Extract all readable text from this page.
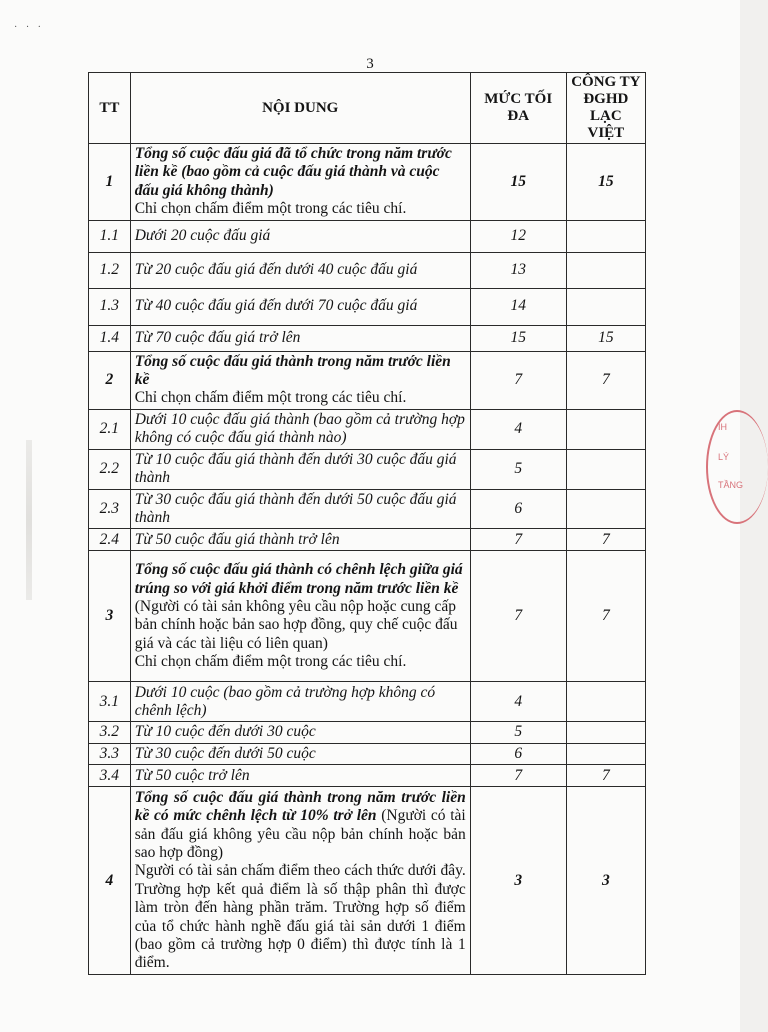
· · ·
3
TT	NỘI DUNG	MỨC TỐI ĐA	CÔNG TY ĐGHD LẠC VIỆT
1	Tổng số cuộc đấu giá đã tổ chức trong năm trước liền kề (bao gồm cả cuộc đấu giá thành và cuộc đấu giá không thành)
Chỉ chọn chấm điểm một trong các tiêu chí.	15	15
1.1	Dưới 20 cuộc đấu giá	12	
1.2	Từ 20 cuộc đấu giá đến dưới 40 cuộc đấu giá	13	
1.3	Từ 40 cuộc đấu giá đến dưới 70 cuộc đấu giá	14	
1.4	Từ 70 cuộc đấu giá trở lên	15	15
2	Tổng số cuộc đấu giá thành trong năm trước liền kề
Chỉ chọn chấm điểm một trong các tiêu chí.	7	7
2.1	Dưới 10 cuộc đấu giá thành (bao gồm cả trường hợp không có cuộc đấu giá thành nào)	4	
2.2	Từ 10 cuộc đấu giá thành đến dưới 30 cuộc đấu giá thành	5	
2.3	Từ 30 cuộc đấu giá thành đến dưới 50 cuộc đấu giá thành	6	
2.4	Từ 50 cuộc đấu giá thành trở lên	7	7
3	Tổng số cuộc đấu giá thành có chênh lệch giữa giá trúng so với giá khởi điểm trong năm trước liền kề (Người có tài sản không yêu cầu nộp hoặc cung cấp bản chính hoặc bản sao hợp đồng, quy chế cuộc đấu giá và các tài liệu có liên quan)
Chỉ chọn chấm điểm một trong các tiêu chí.	7	7
3.1	Dưới 10 cuộc (bao gồm cả trường hợp không có chênh lệch)	4	
3.2	Từ 10 cuộc đến dưới 30 cuộc	5	
3.3	Từ 30 cuộc đến dưới 50 cuộc	6	
3.4	Từ 50 cuộc trở lên	7	7
4	Tổng số cuộc đấu giá thành trong năm trước liền kề có mức chênh lệch từ 10% trở lên (Người có tài sản đấu giá không yêu cầu nộp bản chính hoặc bản sao hợp đồng)
Người có tài sản chấm điểm theo cách thức dưới đây. Trường hợp kết quả điểm là số thập phân thì được làm tròn đến hàng phần trăm. Trường hợp số điểm của tổ chức hành nghề đấu giá tài sản dưới 1 điểm (bao gồm cả trường hợp 0 điểm) thì được tính là 1 điểm.	3	3
IH
LÝ
TẦNG
